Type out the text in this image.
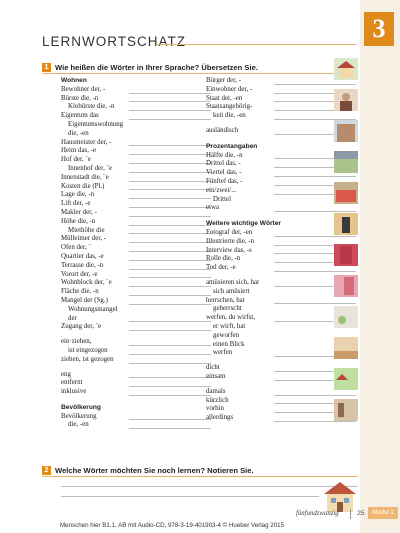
3
LERNWORTSCHATZ
1 Wie heißen die Wörter in Ihrer Sprache? Übersetzen Sie.
Wohnen
Bewohner der, -
Bürste die, -n
Klobürste die, -n
Eigentum das
Eigentumswohnung
die, -en
Hausmeister der, -
Heim das, -e
Hof der, ¨e
Innenhof der, ¨e
Innenstadt die, ¨e
Kosten die (Pl.)
Lage die, -n
Lift der, -e
Makler der, -
Höhe die, -n
Miethöhe die
Mülleimer der, -
Ofen der, ¨
Quartier das, -e
Terrasse die, -n
Vorort der, -e
Wohnblock der, ¨e
Fläche die, -n
Mangel der (Sg.)
Wohnungsmangel
der
Zugang der, ¨e
ein·ziehen,
ist eingezogen
ziehen, ist gezogen
eng
entfernt
inklusive
Bevölkerung
Bevölkerung
die, -en
Bürger der, -
Einwohner der, -
Staat der, -en
Staatsangehörig-
keit die, -en
ausländisch
Prozentangaben
Hälfte die, -n
Drittel das, -
Viertel das, -
Fünftel das, -
ein/zwei/...
Drittel
etwa
Weitere wichtige Wörter
Fotograf der, -en
Illustrierte die, -n
Interview das, -s
Rolle die, -n
Tod der, -e
amüsieren sich, hat
sich amüsiert
herrschen, hat
geherrscht
werfen, du wirfst,
er wirft, hat
geworfen
einen Blick
werfen
dicht
einsam
damals
kürzlich
vorhin
allerdings

2 Welche Wörter möchten Sie noch lernen? Notieren Sie.
fünfundzwanzig	25	Modul 1
Menschen hier B1.1, AB mit Audio-CD, 978-3-19-401903-4 © Hueber Verlag 2015
